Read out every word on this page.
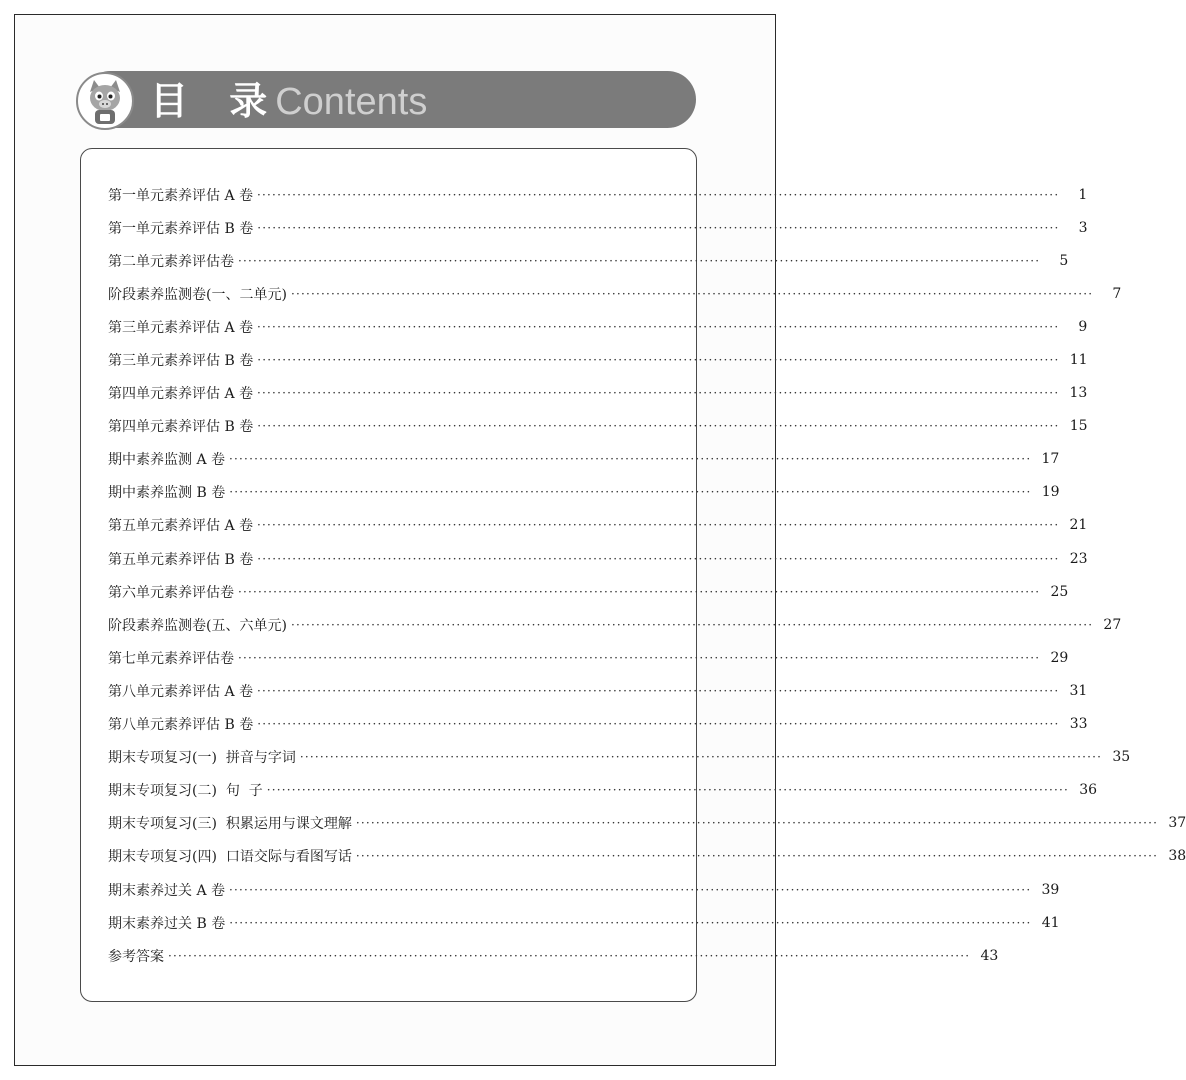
目 录
Contents
第一单元素养评估 A 卷 ································································································································································	1
第一单元素养评估 B 卷 ································································································································································	3
第二单元素养评估卷 ································································································································································	5
阶段素养监测卷(一、二单元) ································································································································································	7
第三单元素养评估 A 卷 ································································································································································	9
第三单元素养评估 B 卷 ································································································································································ 11
第四单元素养评估 A 卷 ································································································································································ 13
第四单元素养评估 B 卷 ································································································································································ 15
期中素养监测 A 卷 ································································································································································ 17
期中素养监测 B 卷 ································································································································································ 19
第五单元素养评估 A 卷 ································································································································································ 21
第五单元素养评估 B 卷 ································································································································································ 23
第六单元素养评估卷 ································································································································································ 25
阶段素养监测卷(五、六单元) ································································································································································ 27
第七单元素养评估卷 ································································································································································ 29
第八单元素养评估 A 卷 ································································································································································ 31
第八单元素养评估 B 卷 ································································································································································ 33
期末专项复习(一)  拼音与字词 ································································································································································ 35
期末专项复习(二)  句  子 ································································································································································ 36
期末专项复习(三)  积累运用与课文理解 ································································································································································ 37
期末专项复习(四)  口语交际与看图写话 ································································································································································ 38
期末素养过关 A 卷 ································································································································································ 39
期末素养过关 B 卷 ································································································································································ 41
参考答案 ································································································································································ 43
